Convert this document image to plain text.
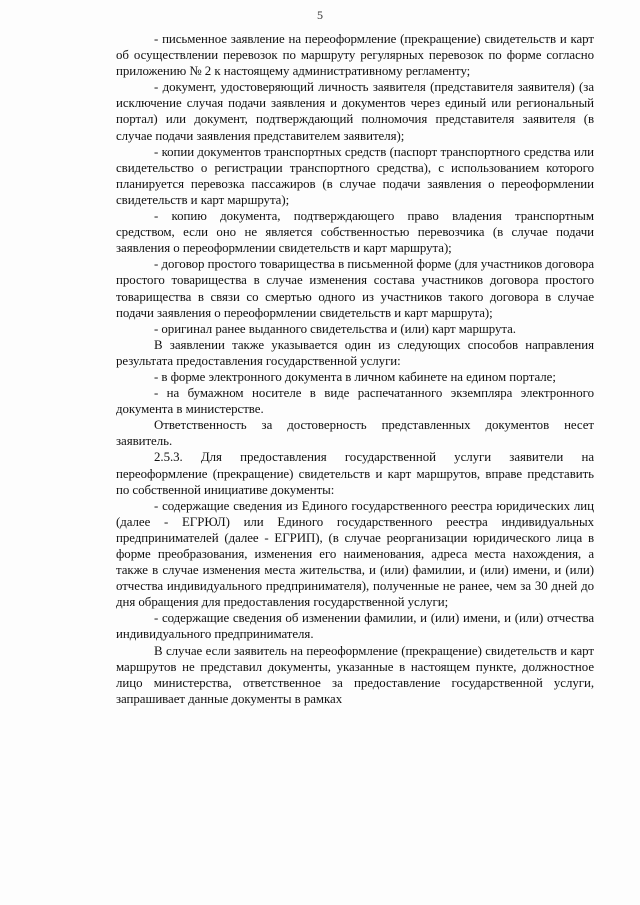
5

- письменное заявление на переоформление (прекращение) свидетельств и карт об осуществлении перевозок по маршруту регулярных перевозок по форме согласно приложению № 2 к настоящему административному регламенту;

- документ, удостоверяющий личность заявителя (представителя заявителя) (за исключение случая подачи заявления и документов через единый или региональный портал) или документ, подтверждающий полномочия представителя заявителя (в случае подачи заявления представителем заявителя);

- копии документов транспортных средств (паспорт транспортного средства или свидетельство о регистрации транспортного средства), с использованием которого планируется перевозка пассажиров (в случае подачи заявления о переоформлении свидетельств и карт маршрута);

- копию документа, подтверждающего право владения транспортным средством, если оно не является собственностью перевозчика (в случае подачи заявления о переоформлении свидетельств и карт маршрута);

- договор простого товарищества в письменной форме (для участников договора простого товарищества в случае изменения состава участников договора простого товарищества в связи со смертью одного из участников такого договора в случае подачи заявления о переоформлении свидетельств и карт маршрута);

- оригинал ранее выданного свидетельства и (или) карт маршрута.

В заявлении также указывается один из следующих способов направления результата предоставления государственной услуги:

- в форме электронного документа в личном кабинете на едином портале;

- на бумажном носителе в виде распечатанного экземпляра электронного документа в министерстве.

Ответственность за достоверность представленных документов несет заявитель.

2.5.3. Для предоставления государственной услуги заявители на переоформление (прекращение) свидетельств и карт маршрутов, вправе представить по собственной инициативе документы:

- содержащие сведения из Единого государственного реестра юридических лиц (далее - ЕГРЮЛ) или Единого государственного реестра индивидуальных предпринимателей (далее - ЕГРИП), (в случае реорганизации юридического лица в форме преобразования, изменения его наименования, адреса места нахождения, а также в случае изменения места жительства, и (или) фамилии, и (или) имени, и (или) отчества индивидуального предпринимателя), полученные не ранее, чем за 30 дней до дня обращения для предоставления государственной услуги;

- содержащие сведения об изменении фамилии, и (или) имени, и (или) отчества индивидуального предпринимателя.

В случае если заявитель на переоформление (прекращение) свидетельств и карт маршрутов не представил документы, указанные в настоящем пункте, должностное лицо министерства, ответственное за предоставление государственной услуги, запрашивает данные документы в рамках
